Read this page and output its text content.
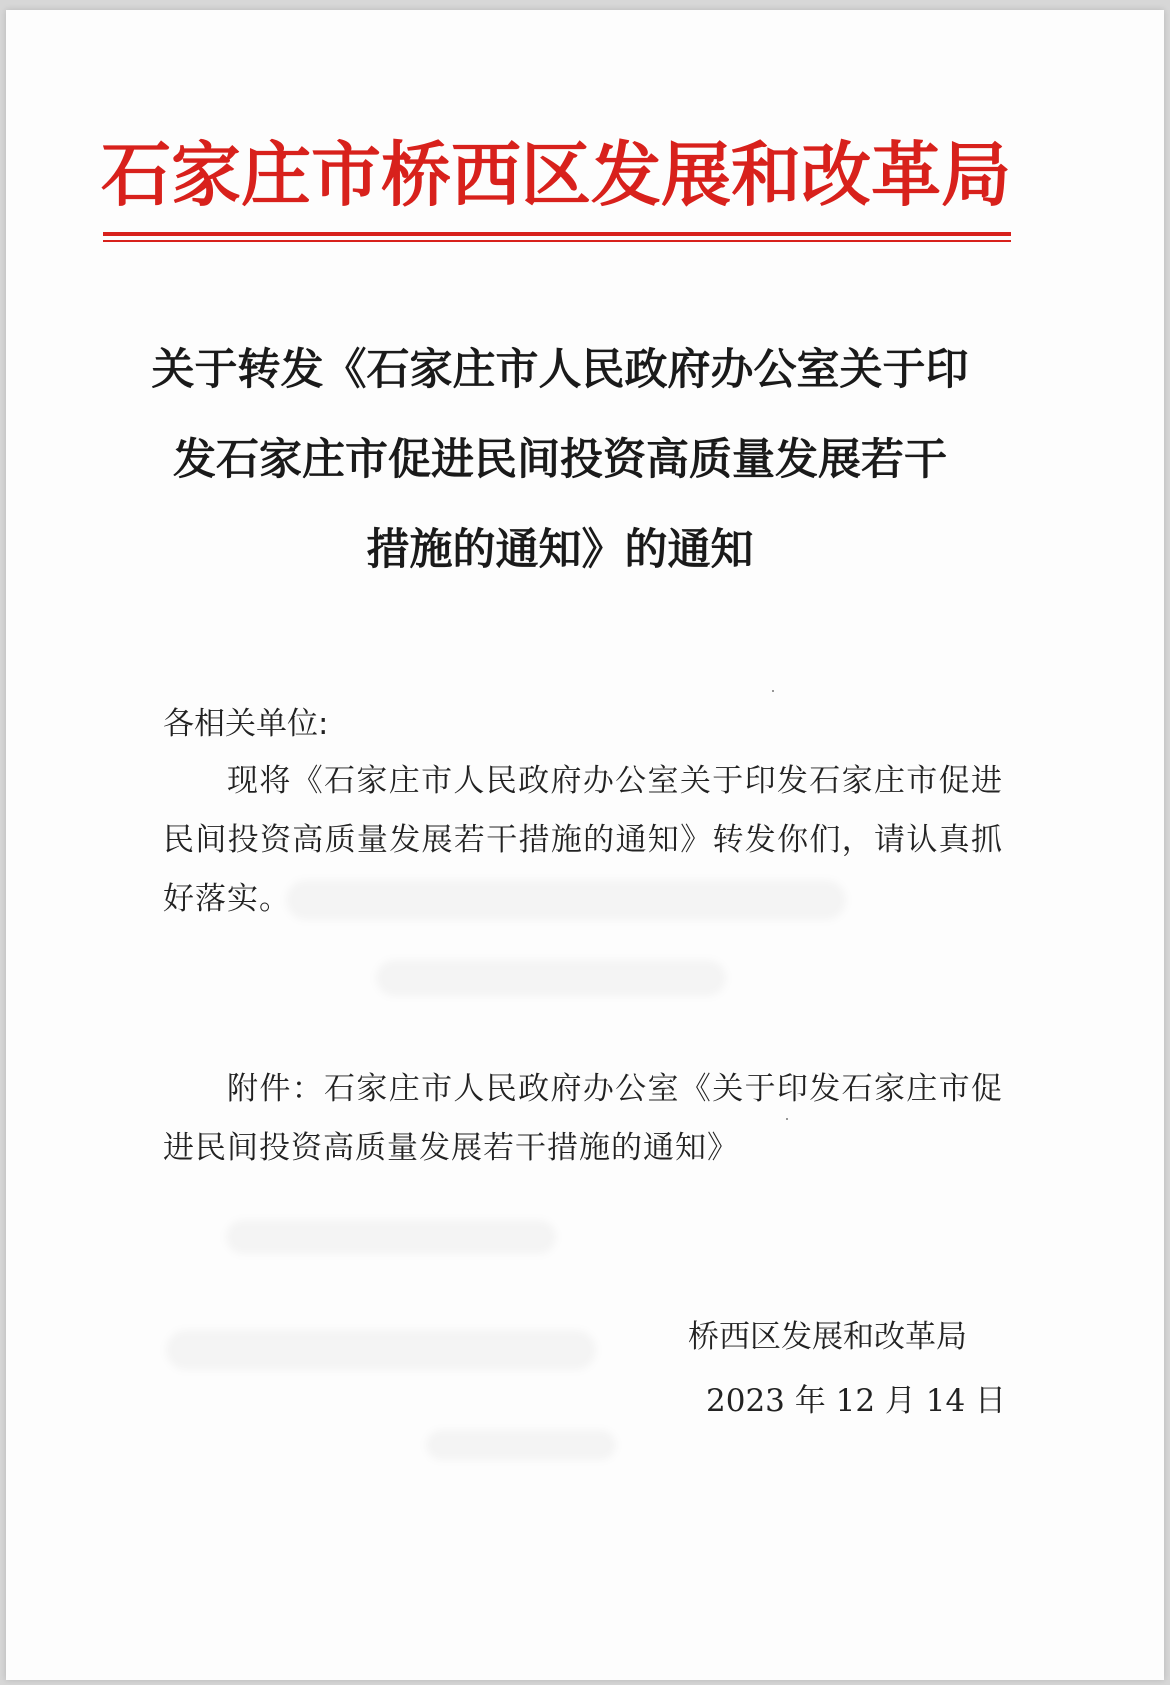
石家庄市桥西区发展和改革局
关于转发《石家庄市人民政府办公室关于印
发石家庄市促进民间投资高质量发展若干
措施的通知》的通知
各相关单位:
现将《石家庄市人民政府办公室关于印发石家庄市促进民间投资高质量发展若干措施的通知》转发你们，请认真抓好落实。
附件：石家庄市人民政府办公室《关于印发石家庄市促进民间投资高质量发展若干措施的通知》
桥西区发展和改革局
2023 年 12 月 14 日
